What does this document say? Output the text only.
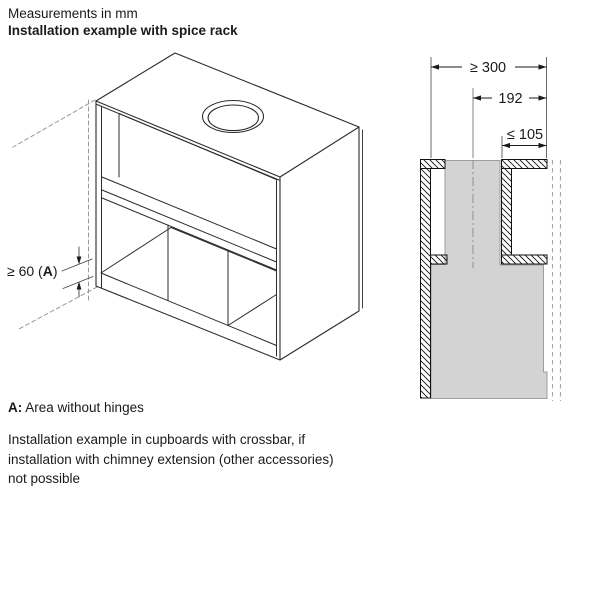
Measurements in mm
Installation example with spice rack
≥ 300
192
≤ 105
≥ 60 (A)
A: Area without hinges
Installation example in cupboards with crossbar, if
installation with chimney extension (other accessories)
not possible
